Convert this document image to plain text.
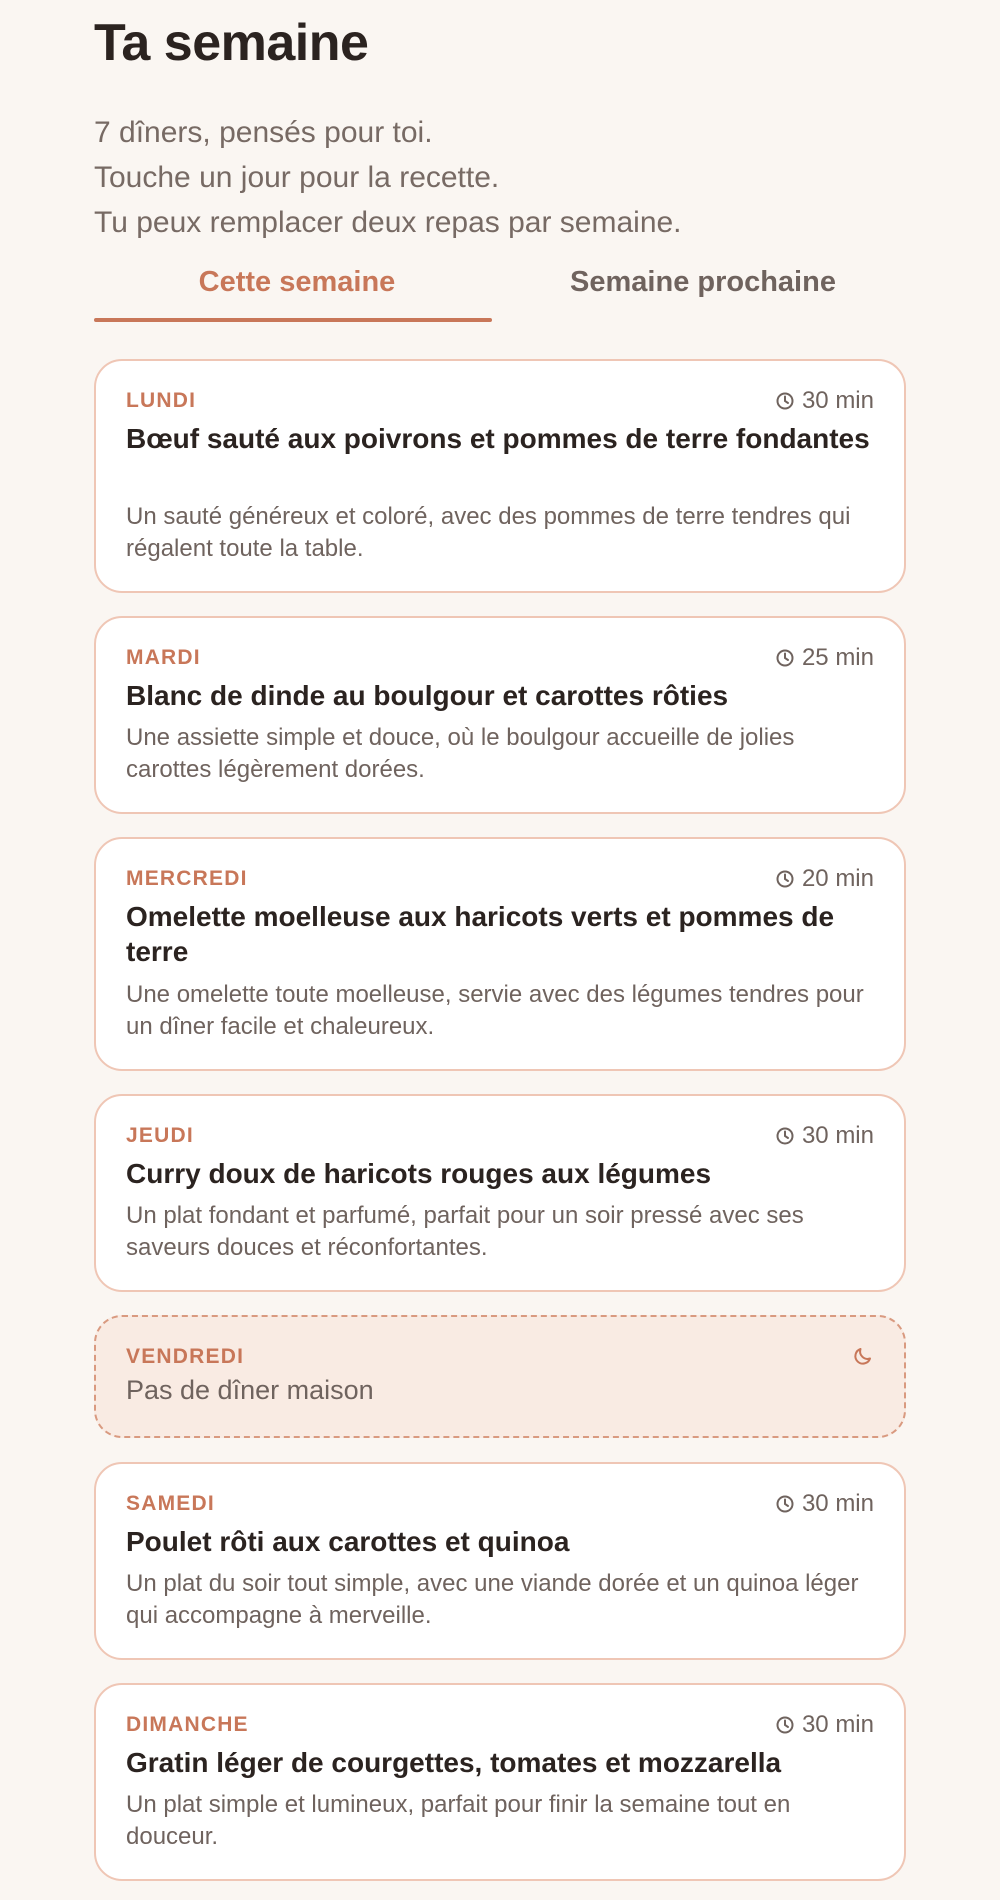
Ta semaine
7 dîners, pensés pour toi.
Touche un jour pour la recette.
Tu peux remplacer deux repas par semaine.
Cette semaine	Semaine prochaine
LUNDI	30 min
Bœuf sauté aux poivrons et pommes de terre fondantes
Un sauté généreux et coloré, avec des pommes de terre tendres qui régalent toute la table.
MARDI	25 min
Blanc de dinde au boulgour et carottes rôties
Une assiette simple et douce, où le boulgour accueille de jolies carottes légèrement dorées.
MERCREDI	20 min
Omelette moelleuse aux haricots verts et pommes de terre
Une omelette toute moelleuse, servie avec des légumes tendres pour un dîner facile et chaleureux.
JEUDI	30 min
Curry doux de haricots rouges aux légumes
Un plat fondant et parfumé, parfait pour un soir pressé avec ses saveurs douces et réconfortantes.
VENDREDI
Pas de dîner maison
SAMEDI	30 min
Poulet rôti aux carottes et quinoa
Un plat du soir tout simple, avec une viande dorée et un quinoa léger qui accompagne à merveille.
DIMANCHE	30 min
Gratin léger de courgettes, tomates et mozzarella
Un plat simple et lumineux, parfait pour finir la semaine tout en douceur.
